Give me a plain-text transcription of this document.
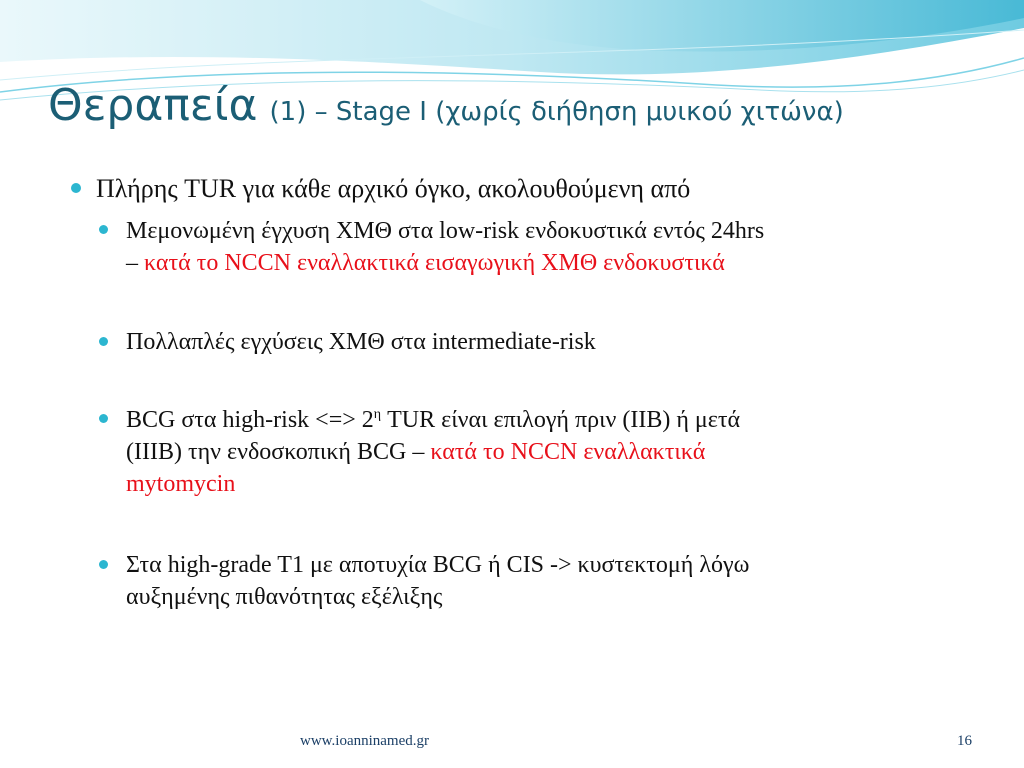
Θεραπεία (1) – Stage I (χωρίς διήθηση μυικού χιτώνα)
Πλήρης TUR για κάθε αρχικό όγκο, ακολουθούμενη από
Μεμονωμένη έγχυση ΧΜΘ στα low-risk ενδοκυστικά εντός 24hrs
– κατά το NCCN εναλλακτικά εισαγωγική ΧΜΘ ενδοκυστικά
Πολλαπλές εγχύσεις ΧΜΘ στα intermediate-risk
BCG στα high-risk <=> $2^\eta$ TUR είναι επιλογή πριν (IIB) ή μετά
(IIIB) την ενδοσκοπική BCG – κατά το NCCN εναλλακτικά
mytomycin
Στα high-grade T1 με αποτυχία BCG ή CIS -> κυστεκτομή λόγω
αυξημένης πιθανότητας εξέλιξης
www.ioanninamed.gr	16
